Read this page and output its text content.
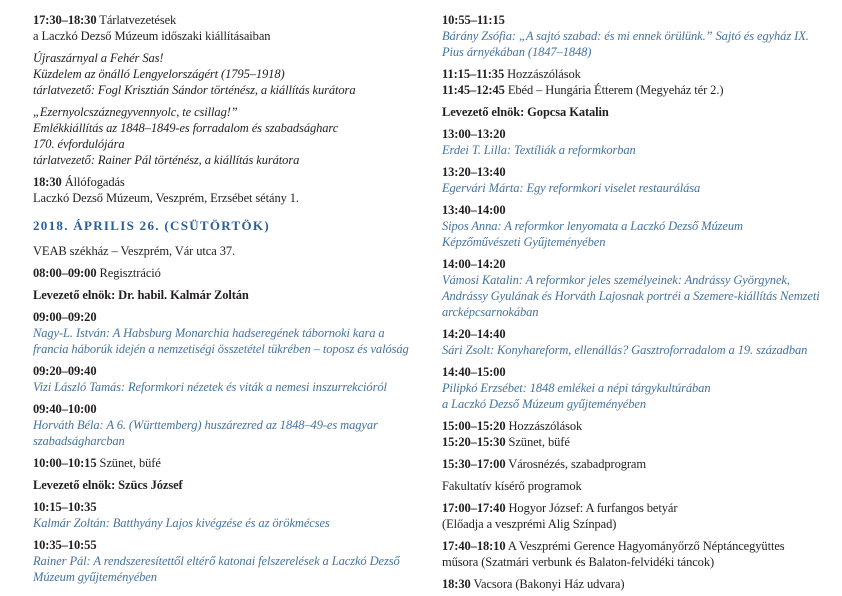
17:30–18:30 Tárlatvezetések
a Laczkó Dezső Múzeum időszaki kiállításaiban
Újraszárnyal a Fehér Sas!
Küzdelem az önálló Lengyelországért (1795–1918)
tárlatvezető: Fogl Krisztián Sándor történész, a kiállítás kurátora
„Ezernyolcszáznegyvennyolc, te csillag!”
Emlékkiállítás az 1848–1849-es forradalom és szabadságharc
170. évfordulójára
tárlatvezető: Rainer Pál történész, a kiállítás kurátora
18:30 Állófogadás
Laczkó Dezső Múzeum, Veszprém, Erzsébet sétány 1.
2018. ÁPRILIS 26. (CSÜTÖRTÖK)
VEAB székház – Veszprém, Vár utca 37.
08:00–09:00 Regisztráció
Levezető elnök: Dr. habil. Kalmár Zoltán
09:00–09:20
Nagy-L. István: A Habsburg Monarchia hadseregének tábornoki kara a
francia háborúk idején a nemzetiségi összetétel tükrében – toposz és valóság
09:20–09:40
Vizi László Tamás: Reformkori nézetek és viták a nemesi inszurrekcióról
09:40–10:00
Horváth Béla: A 6. (Württemberg) huszárezred az 1848–49-es magyar
szabadságharcban
10:00–10:15 Szünet, büfé
Levezető elnök: Szücs József
10:15–10:35
Kalmár Zoltán: Batthyány Lajos kivégzése és az örökmécses
10:35–10:55
Rainer Pál: A rendszeresítettől eltérő katonai felszerelések a Laczkó Dezső
Múzeum gyűjteményében
10:55–11:15
Bárány Zsófia: „A sajtó szabad: és mi ennek örülünk.” Sajtó és egyház IX.
Pius árnyékában (1847–1848)
11:15–11:35 Hozzászólások
11:45–12:45 Ebéd – Hungária Étterem (Megyeház tér 2.)
Levezető elnök: Gopcsa Katalin
13:00–13:20
Erdei T. Lilla: Textíliák a reformkorban
13:20–13:40
Egervári Márta: Egy reformkori viselet restaurálása
13:40–14:00
Sipos Anna: A reformkor lenyomata a Laczkó Dezső Múzeum
Képzőművészeti Gyűjteményében
14:00–14:20
Vámosi Katalin: A reformkor jeles személyeinek: Andrássy Györgynek,
Andrássy Gyulának és Horváth Lajosnak portréi a Szemere-kiállítás Nemzeti
arcképcsarnokában
14:20–14:40
Sári Zsolt: Konyhareform, ellenállás? Gasztroforradalom a 19. században
14:40–15:00
Pilipkó Erzsébet: 1848 emlékei a népi tárgykultúrában
a Laczkó Dezső Múzeum gyűjteményében
15:00–15:20 Hozzászólások
15:20–15:30 Szünet, büfé
15:30–17:00 Városnézés, szabadprogram
Fakultatív kísérő programok
17:00–17:40 Hogyor József: A furfangos betyár
(Előadja a veszprémi Alig Színpad)
17:40–18:10 A Veszprémi Gerence Hagyományőrző Néptáncegyüttes
műsora (Szatmári verbunk és Balaton-felvidéki táncok)
18:30 Vacsora (Bakonyi Ház udvara)
